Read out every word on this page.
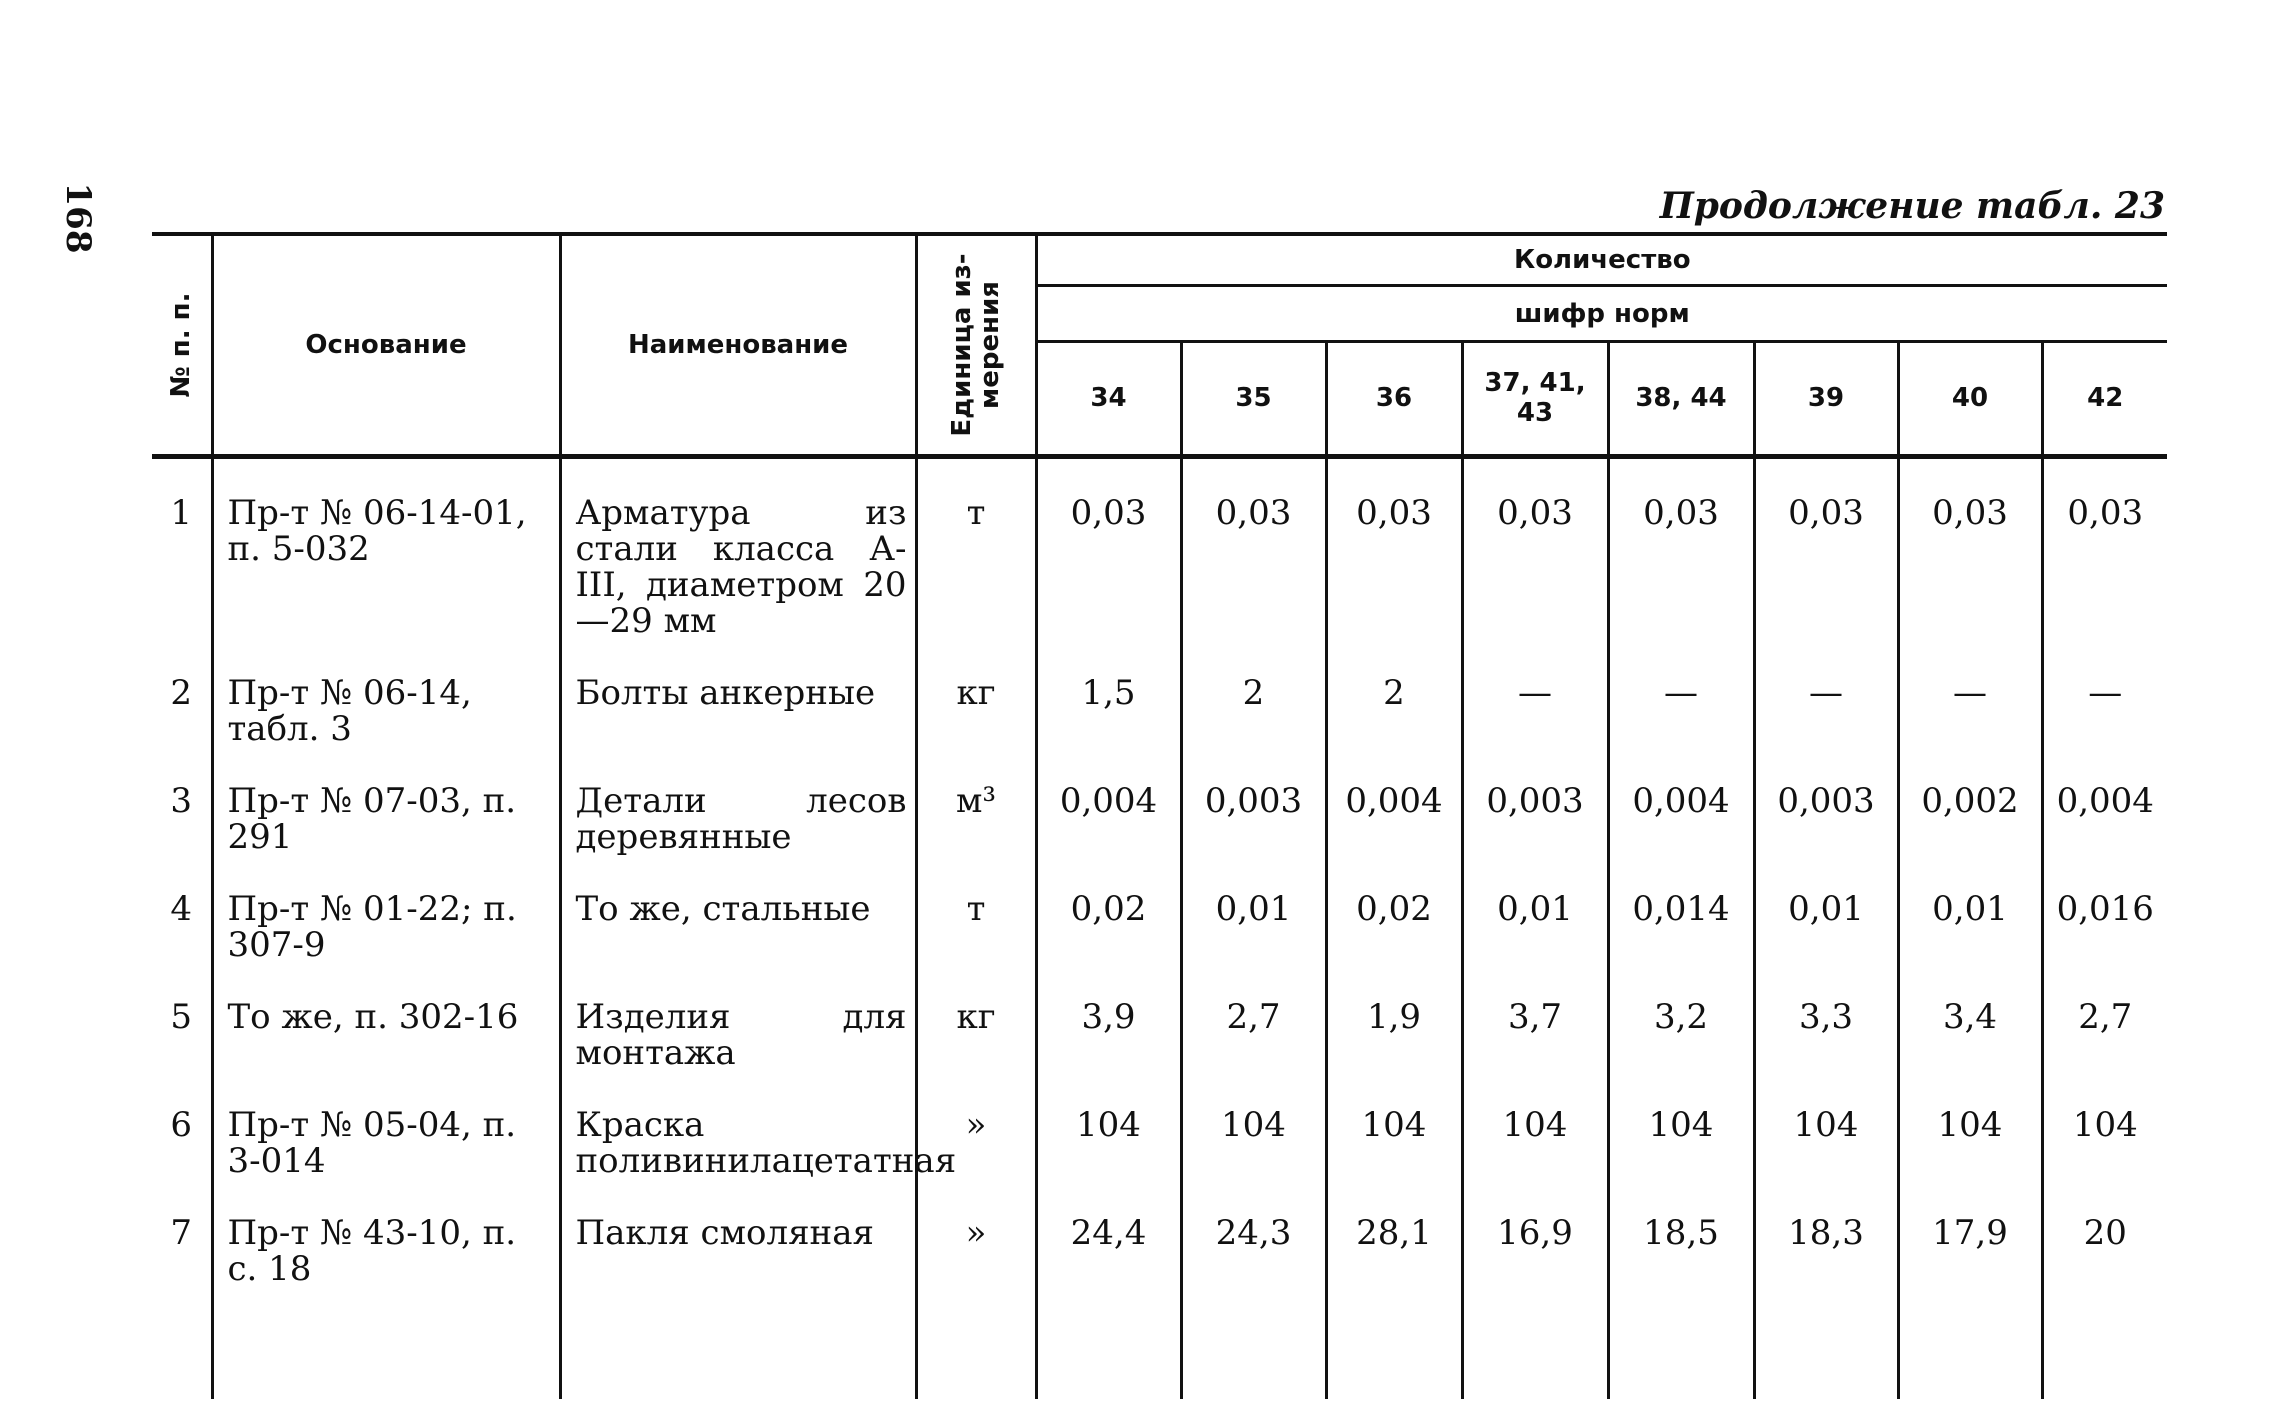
168	Продолжение табл. 23
№ п. п.	Основание	Наименование	Единица из- мерения	Количество							
				шифр норм							
				34	35	36	37, 41, 43	38, 44	39	40	42
1	Пр-т № 06-14-01, п. 5-032	Арматура из стали класса А-III, диаметром 20—29 мм	т	0,03	0,03	0,03	0,03	0,03	0,03	0,03	0,03
2	Пр-т № 06-14, табл. 3	Болты анкерные	кг	1,5	2	2	—	—	—	—	—
3	Пр-т № 07-03, п. 291	Детали лесов деревянные	м³	0,004	0,003	0,004	0,003	0,004	0,003	0,002	0,004
4	Пр-т № 01-22; п. 307-9	То же, стальные	т	0,02	0,01	0,02	0,01	0,014	0,01	0,01	0,016
5	То же, п. 302-16	Изделия для монтажа	кг	3,9	2,7	1,9	3,7	3,2	3,3	3,4	2,7
6	Пр-т № 05-04, п. 3-014	Краска поливинилацетатная	»	104	104	104	104	104	104	104	104
7	Пр-т № 43-10, п. с. 18	Пакля смоляная	»	24,4	24,3	28,1	16,9	18,5	18,3	17,9	20
